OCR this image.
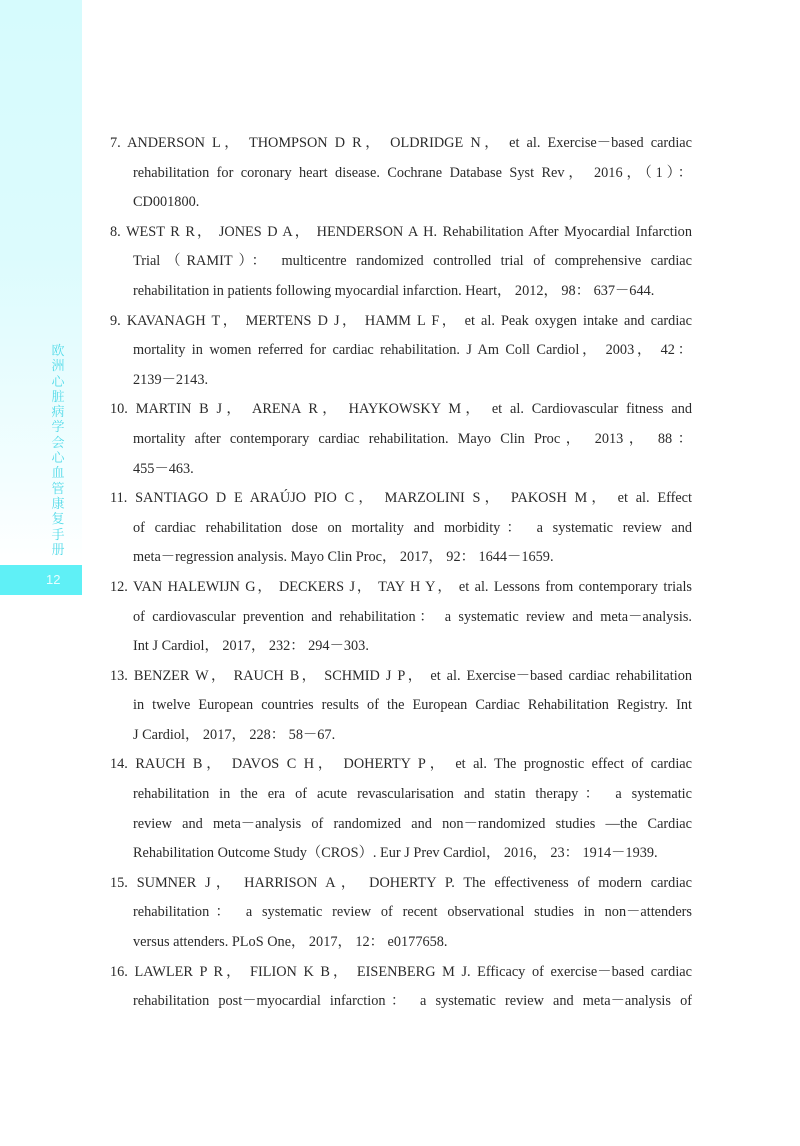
欧洲心脏病学会心血管康复手册
12
7. ANDERSON L， THOMPSON D R， OLDRIDGE N， et al. Exercise－based cardiac
rehabilitation for coronary heart disease. Cochrane Database Syst Rev， 2016，（1）：
CD001800.
8. WEST R R， JONES D A， HENDERSON A H. Rehabilitation After Myocardial Infarction
Trial（RAMIT）： multicentre randomized controlled trial of comprehensive cardiac
rehabilitation in patients following myocardial infarction. Heart， 2012， 98： 637－644.
9. KAVANAGH T， MERTENS D J， HAMM L F， et al. Peak oxygen intake and cardiac
mortality in women referred for cardiac rehabilitation. J Am Coll Cardiol， 2003， 42：
2139－2143.
10. MARTIN B J， ARENA R， HAYKOWSKY M， et al. Cardiovascular fitness and
mortality after contemporary cardiac rehabilitation. Mayo Clin Proc， 2013， 88：
455－463.
11. SANTIAGO D E ARAÚJO PIO C， MARZOLINI S， PAKOSH M， et al. Effect
of cardiac rehabilitation dose on mortality and morbidity： a systematic review and
meta－regression analysis. Mayo Clin Proc， 2017， 92： 1644－1659.
12. VAN HALEWIJN G， DECKERS J， TAY H Y， et al. Lessons from contemporary trials
of cardiovascular prevention and rehabilitation： a systematic review and meta－analysis.
Int J Cardiol， 2017， 232： 294－303.
13. BENZER W， RAUCH B， SCHMID J P， et al. Exercise－based cardiac rehabilitation
in twelve European countries results of the European Cardiac Rehabilitation Registry. Int
J Cardiol， 2017， 228： 58－67.
14. RAUCH B， DAVOS C H， DOHERTY P， et al. The prognostic effect of cardiac
rehabilitation in the era of acute revascularisation and statin therapy： a systematic
review and meta－analysis of randomized and non－randomized studies —the Cardiac
Rehabilitation Outcome Study（CROS）. Eur J Prev Cardiol， 2016， 23： 1914－1939.
15. SUMNER J， HARRISON A， DOHERTY P. The effectiveness of modern cardiac
rehabilitation： a systematic review of recent observational studies in non－attenders
versus attenders. PLoS One， 2017， 12： e0177658.
16. LAWLER P R， FILION K B， EISENBERG M J. Efficacy of exercise－based cardiac
rehabilitation post－myocardial infarction： a systematic review and meta－analysis of
